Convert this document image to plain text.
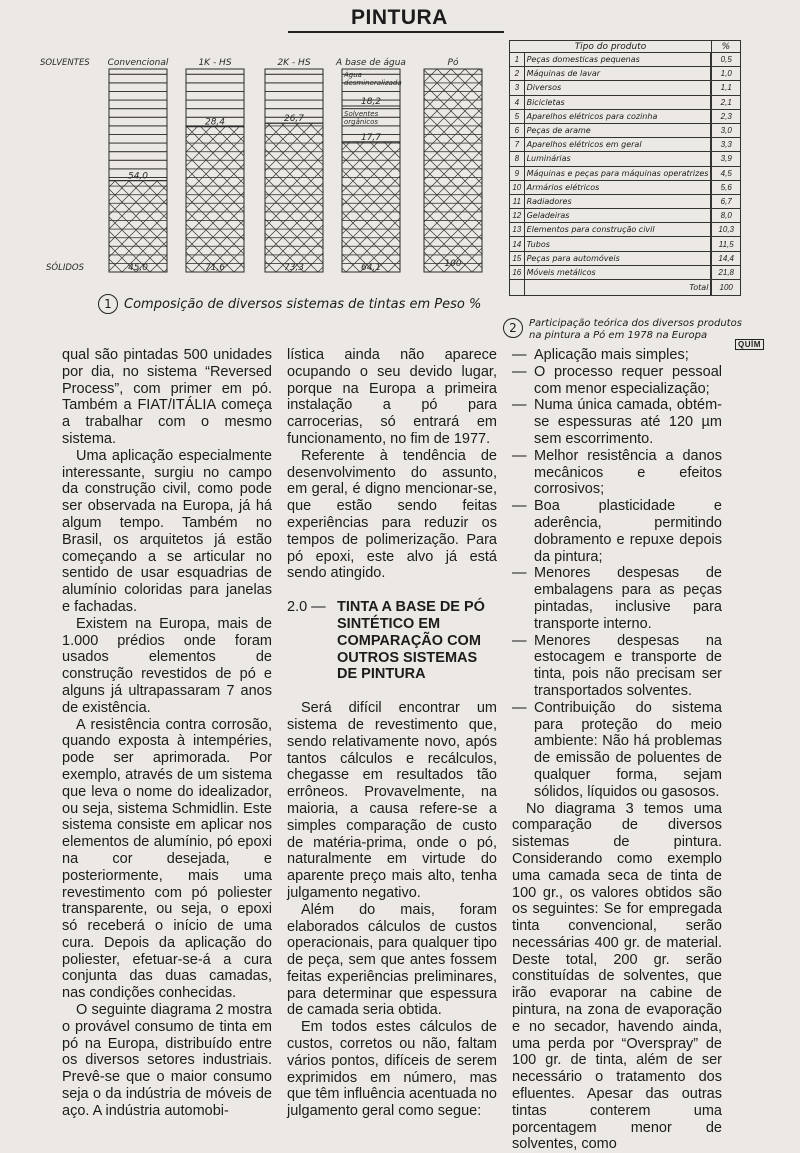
PINTURA
SOLVENTES
SÓLIDOS
Convencional	1K - HS	2K - HS	A base de água	Pó
54,0
45,0
28,4
71,6
26,7
73,3
Água
desmineralizada
18,2
Solventes
orgânicos
17,7
64,1	100
1 Composição de diversos sistemas de tintas em Peso %
Tipo do produto		%
1	Peças domesticas pequenas	0,5
2	Máquinas de lavar	1,0
3	Diversos	1,1
4	Bicicletas	2,1
5	Aparelhos elétricos para cozinha	2,3
6	Peças de arame	3,0
7	Aparelhos elétricos em geral	3,3
8	Luminárias	3,9
9	Máquinas e peças para máquinas operatrizes	4,5
10	Armários elétricos	5,6
11	Radiadores	6,7
12	Geladeiras	8,0
13	Elementos para construção civil	10,3
14	Tubos	11,5
15	Peças para automóveis	14,4
16	Móveis metálicos	21,8
	Total	100
2	Participação teórica dos diversos produtos na pintura a Pó em 1978 na Europa
QUÍM

qual são pintadas 500 unidades por dia, no sistema “Reversed Process”, com primer em pó. Também a FIAT/ITÁLIA começa a trabalhar com o mesmo sistema.

Uma aplicação especialmente interessante, surgiu no campo da construção civil, como pode ser observada na Europa, já há algum tempo. Também no Brasil, os arquitetos já estão começando a se articular no sentido de usar esquadrias de alumínio coloridas para janelas e fachadas.

Existem na Europa, mais de 1.000 prédios onde foram usados elementos de construção revestidos de pó e alguns já ultrapassaram 7 anos de existência.

A resistência contra corrosão, quando exposta à intempéries, pode ser aprimorada. Por exemplo, através de um sistema que leva o nome do idealizador, ou seja, sistema Schmidlin. Este sistema consiste em aplicar nos elementos de alumínio, pó epoxi na cor desejada, e posteriormente, mais uma revestimento com pó poliester transparente, ou seja, o epoxi só receberá o início de uma cura. Depois da aplicação do poliester, efetuar-se-á a cura conjunta das duas camadas, nas condições conhecidas.

O seguinte diagrama 2 mostra o provável consumo de tinta em pó na Europa, distribuído entre os diversos setores industriais. Prevê-se que o maior consumo seja o da indústria de móveis de aço. A indústria automobi-

lística ainda não aparece ocupando o seu devido lugar, porque na Europa a primeira instalação a pó para carrocerias, só entrará em funcionamento, no fim de 1977.

Referente à tendência de desenvolvimento do assunto, em geral, é digno mencionar-se, que estão sendo feitas experiências para reduzir os tempos de polimerização. Para pó epoxi, este alvo já está sendo atingido.

2.0 — TINTA A BASE DE PÓ SINTÉTICO EM COMPARAÇÃO COM OUTROS SISTEMAS DE PINTURA

Será difícil encontrar um sistema de revestimento que, sendo relativamente novo, após tantos cálculos e recálculos, chegasse em resultados tão errôneos. Provavelmente, na maioria, a causa refere-se a simples comparação de custo de matéria-prima, onde o pó, naturalmente em virtude do aparente preço mais alto, tenha julgamento negativo.

Além do mais, foram elaborados cálculos de custos operacionais, para qualquer tipo de peça, sem que antes fossem feitas experiências preliminares, para determinar que espessura de camada seria obtida.

Em todos estes cálculos de custos, corretos ou não, faltam vários pontos, difíceis de serem exprimidos em número, mas que têm influência acentuada no julgamento geral como segue:

— Aplicação mais simples;
— O processo requer pessoal com menor especialização;
— Numa única camada, obtém-se espessuras até 120 µm sem escorrimento.
— Melhor resistência a danos mecânicos e efeitos corrosivos;
— Boa plasticidade e aderência, permitindo dobramento e repuxe depois da pintura;
— Menores despesas de embalagens para as peças pintadas, inclusive para transporte interno.
— Menores despesas na estocagem e transporte de tinta, pois não precisam ser transportados solventes.
— Contribuição do sistema para proteção do meio ambiente: Não há problemas de emissão de poluentes de qualquer forma, sejam sólidos, líquidos ou gasosos.

No diagrama 3 temos uma comparação de diversos sistemas de pintura. Considerando como exemplo uma camada seca de tinta de 100 gr., os valores obtidos são os seguintes: Se for empregada tinta convencional, serão necessárias 400 gr. de material. Deste total, 200 gr. serão constituídas de solventes, que irão evaporar na cabine de pintura, na zona de evaporação e no secador, havendo ainda, uma perda por “Overspray” de 100 gr. de tinta, além de ser necessário o tratamento dos efluentes. Apesar das outras tintas conterem uma porcentagem menor de solventes, como
